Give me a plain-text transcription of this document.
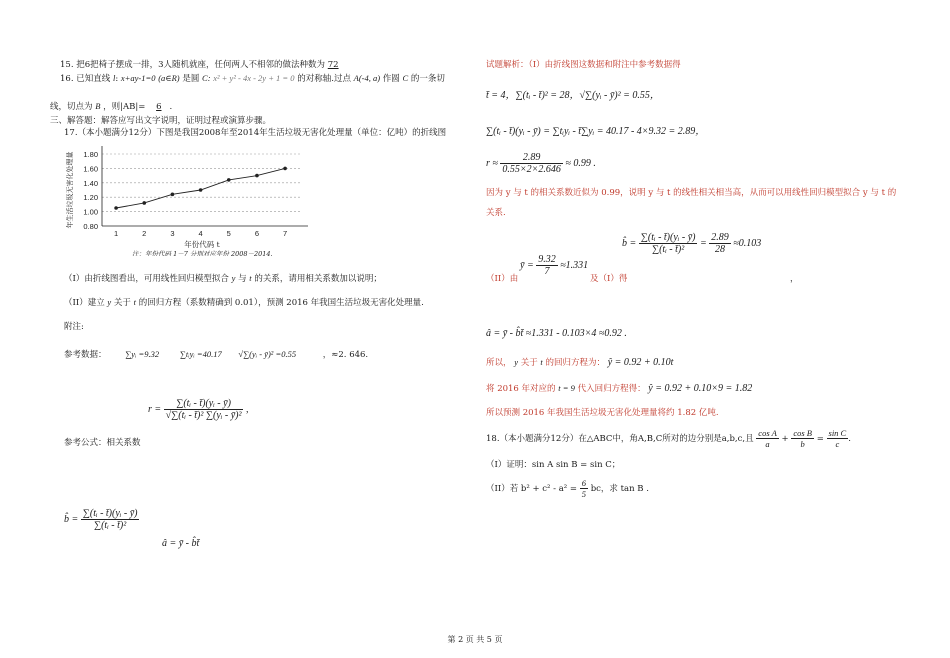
15. 把6把椅子摆成一排，3人随机就座，任何两人不相邻的做法种数为 72
16. 已知直线 l: x+ay-1=0 (a∈R) 是圆 C: x² + y² - 4x - 2y + 1 = 0 的对称轴.过点 A(-4, a) 作圆 C 的一条切
线，切点为 B ，则|AB|= 6 .
三、解答题：解答应写出文字说明，证明过程或演算步骤。
17.（本小题满分12分）下图是我国2008年至2014年生活垃圾无害化处理量（单位：亿吨）的折线图
0.80
1.00
1.20
1.40
1.60
1.80
1	2	3	4	5	6	7
年份代码 t
年生活垃圾无害化处理量
注：年份代码 1－7 分别对应年份 2008－2014.
（I）由折线图看出，可用线性回归模型拟合 y 与 t 的关系，请用相关系数加以说明；
（II）建立 y 关于 t 的回归方程（系数精确到 0.01），预测 2016 年我国生活垃圾无害化处理量.
附注:
参考数据： ∑yᵢ =9.32 ∑tᵢyᵢ =40.17 √∑(yᵢ - ȳ)² =0.55	，≈2. 646.
$r = \frac{\text{∑(tᵢ - t̄)(yᵢ - ȳ)}}{\text{√∑(tᵢ - t̄)² ∑(yᵢ - ȳ)²}}$ ,
参考公式：相关系数
b̂ = $\frac{\text{∑(tᵢ - t̄)(yᵢ - ȳ)}}{\text{∑(tᵢ - t̄)²}}$
â = ȳ - b̂t̄
试题解析：（I）由折线图这数据和附注中参考数据得
t̄ = 4，∑(tᵢ - t̄)² = 28，√∑(yᵢ - ȳ)² = 0.55，
∑(tᵢ - t̄)(yᵢ - ȳ) = ∑tᵢyᵢ - t̄∑yᵢ = 40.17 - 4×9.32 = 2.89，
$r \approx \frac{2.89}{0.55\times 2\times 2.646} \approx 0.99$ .
因为 y 与 t 的相关系数近似为 0.99，说明 y 与 t 的线性相关相当高，从而可以用线性回归模型拟合 y 与 t 的
关系.
（II）由
ȳ = $\frac{9.32}{7} \approx 1.331$
及（I）得
b̂ = $\frac{\text{∑(tᵢ - t̄)(yᵢ - ȳ)}}{\text{∑(tᵢ - t̄)²}} = \frac{2.89}{28} \approx 0.103$
，
â = ȳ - b̂t̄ ≈1.331 - 0.103×4 ≈0.92 .
所以， y 关于 t 的回归方程为： ŷ = 0.92 + 0.10t
将 2016 年对应的 t = 9 代入回归方程得： ŷ = 0.92 + 0.10×9 = 1.82
所以预测 2016 年我国生活垃圾无害化处理量将约 1.82 亿吨.
18.（本小题满分12分）在△ABC中，角A,B,C所对的边分别是a,b,c,且 $\frac{\text{cos A}}{a} + \frac{\text{cos B}}{b} = \frac{\text{sin C}}{c}$ .
（I）证明：sin A sin B = sin C；
（II）若 $b^2 + c^2 - a^2 = \frac{6}{5}$ bc，求 tan B .
第 2 页 共 5 页
